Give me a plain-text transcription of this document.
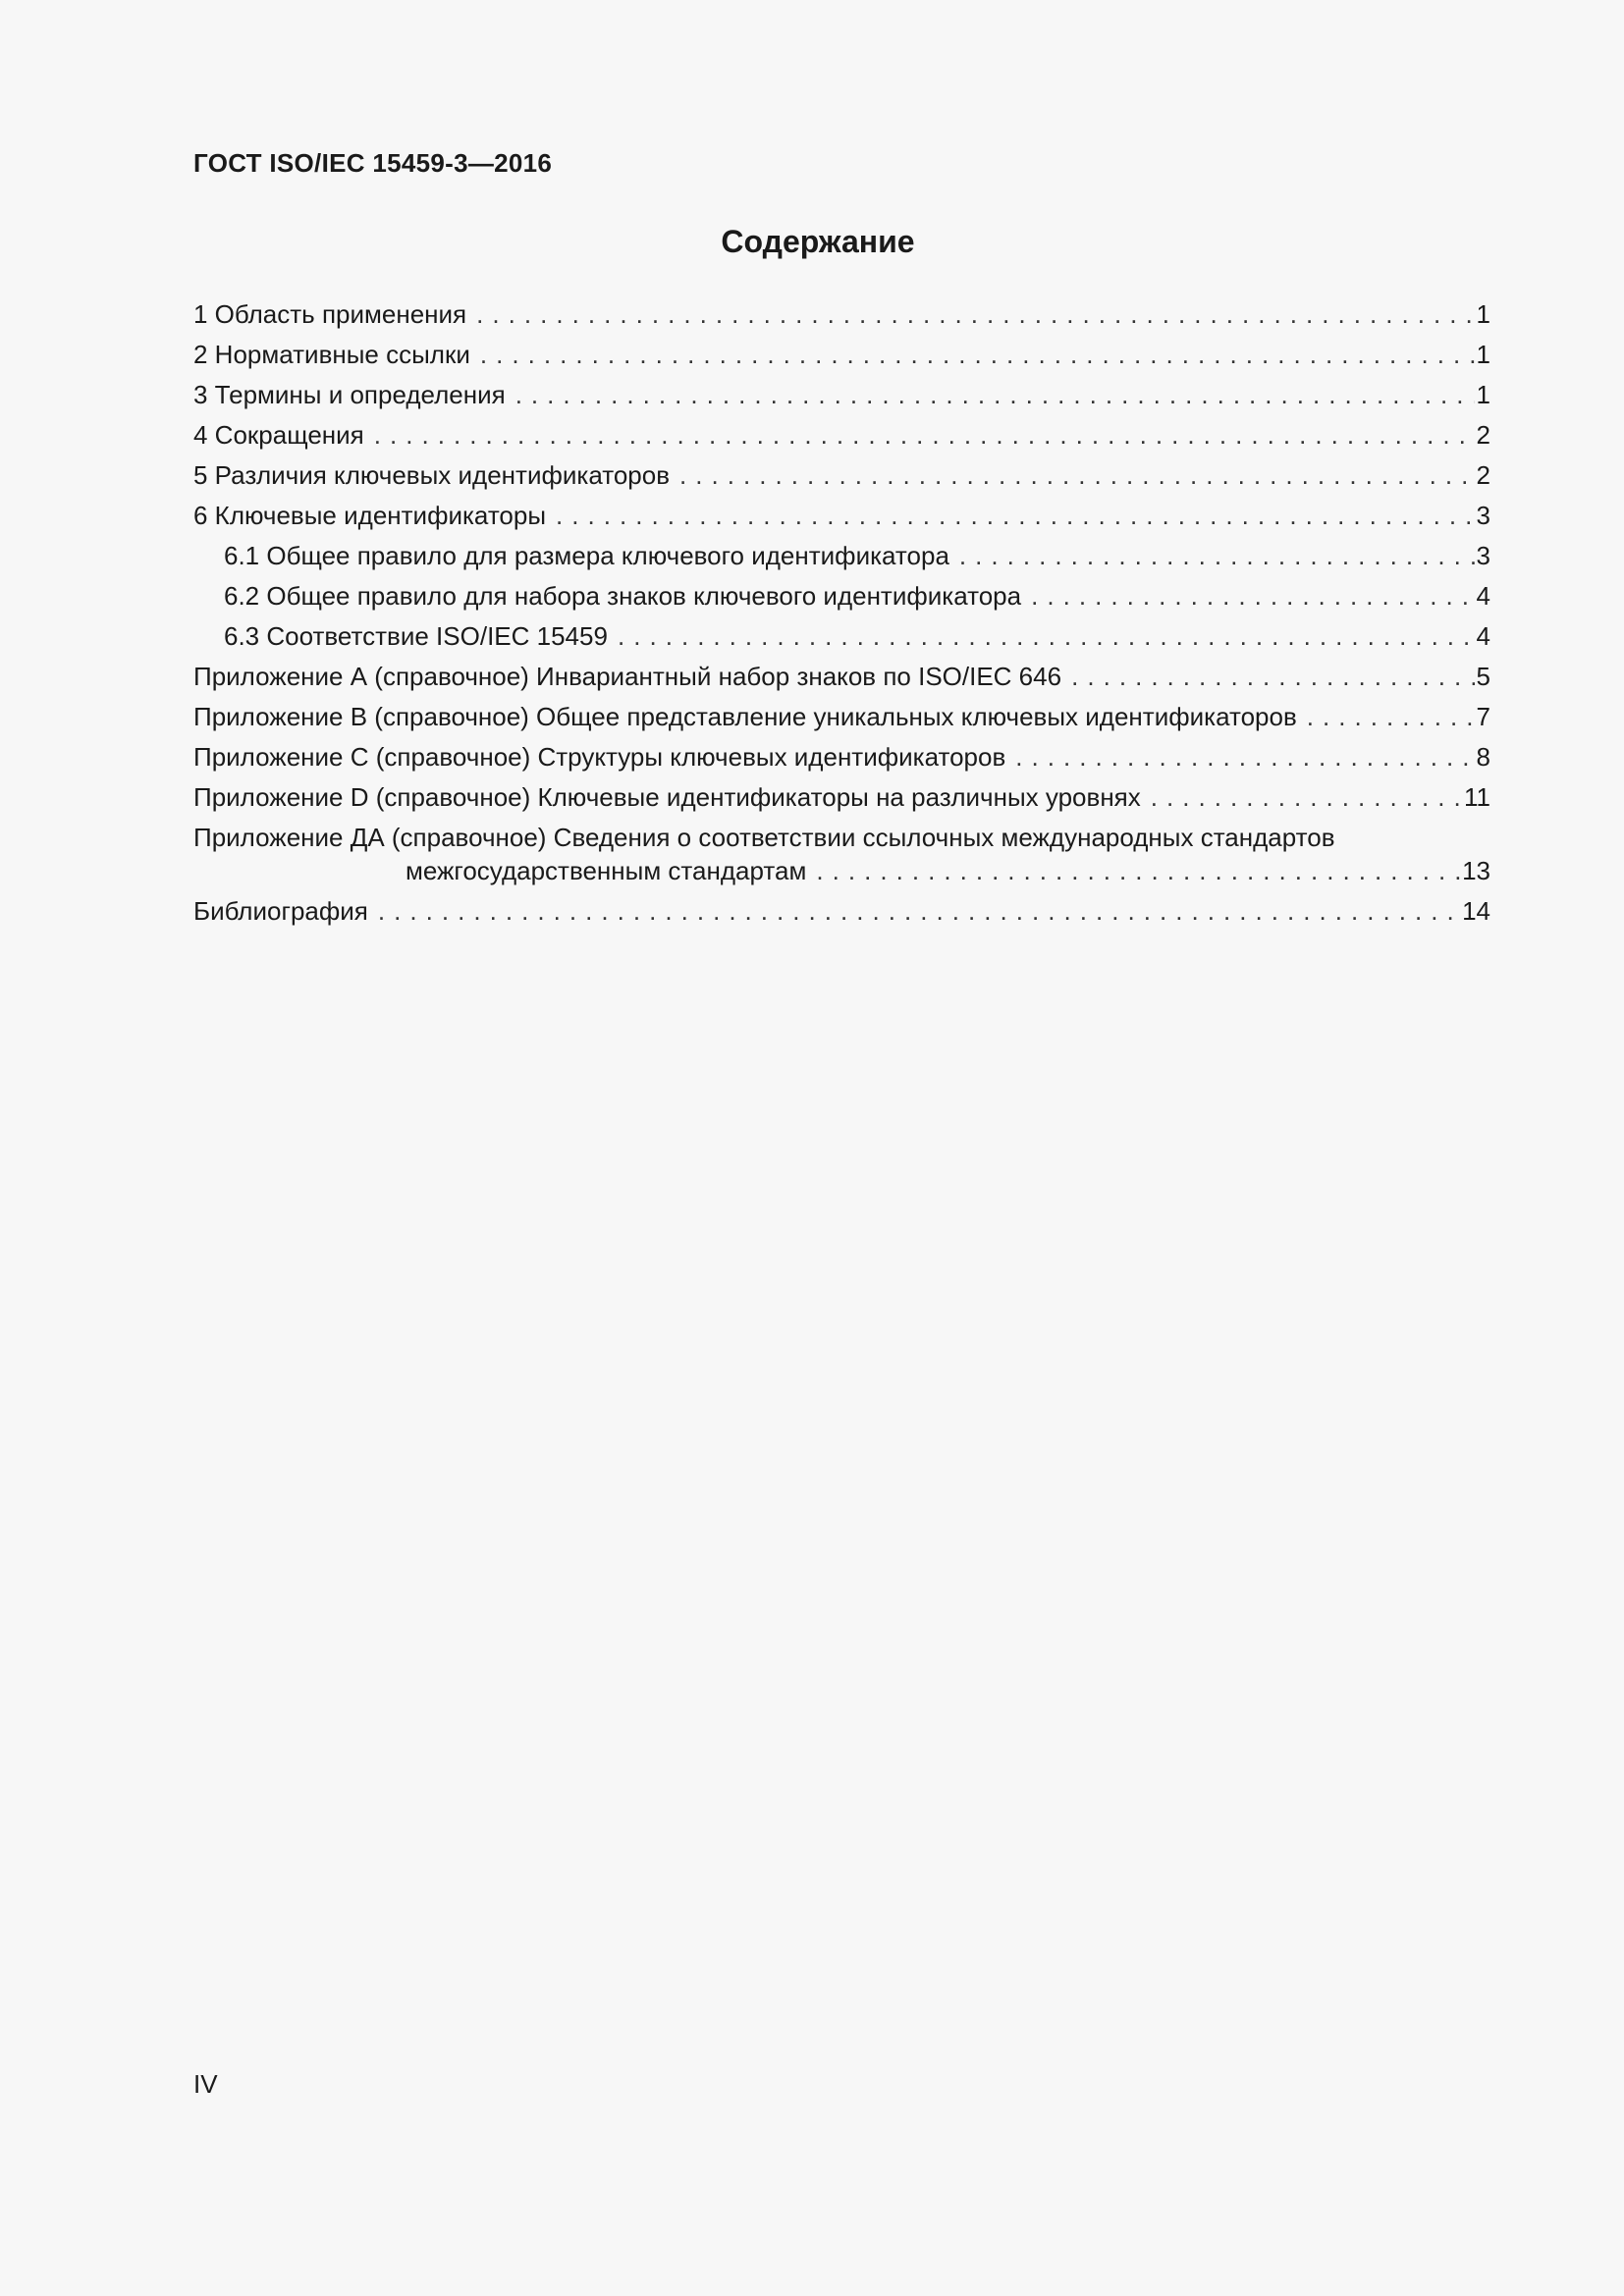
ГОСТ ISO/IEC 15459-3—2016
Содержание
1 Область применения . . .	1
2 Нормативные ссылки . . .	1
3 Термины и определения . . .	1
4 Сокращения . . .	2
5 Различия ключевых идентификаторов . . .	2
6 Ключевые идентификаторы . . .	3
6.1 Общее правило для размера ключевого идентификатора . . .	3
6.2 Общее правило для набора знаков ключевого идентификатора . . .	4
6.3 Соответствие ISO/IEC 15459 . . .	4
Приложение А (справочное) Инвариантный набор знаков по ISO/IEC 646 . . .	5
Приложение В (справочное) Общее представление уникальных ключевых идентификаторов . . .	7
Приложение С (справочное) Структуры ключевых идентификаторов . . .	8
Приложение D (справочное) Ключевые идентификаторы на различных уровнях . . .	11
Приложение ДА (справочное) Сведения о соответствии ссылочных международных стандартов
межгосударственным стандартам . . .	13
Библиография . . .	14
IV
